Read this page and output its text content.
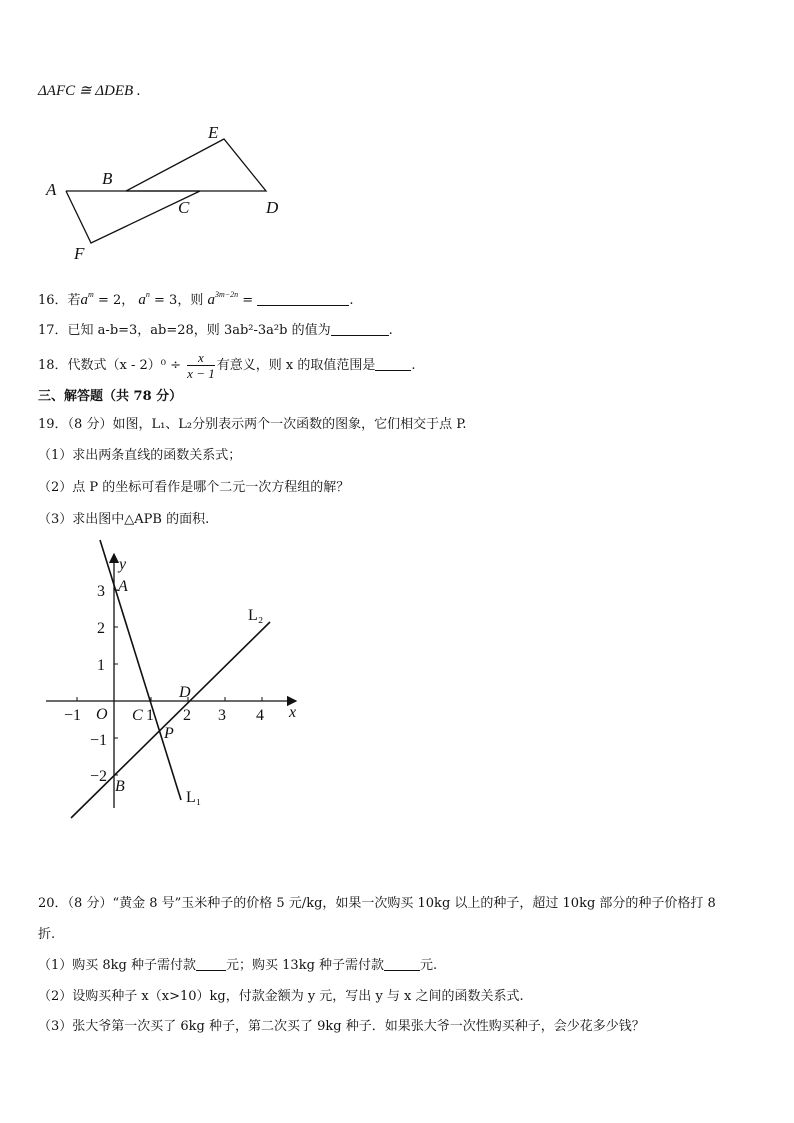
ΔAFC ≅ ΔDEB .
A
B
C	D
E
F
16．若$a^m = 2$， $a^n = 3$，则 $a^{3m-2n}$ =	.
17．已知 a-b=3，ab=28，则 3ab²-3a²b 的值为	.
18．代数式$(x - 2)^0 \div \frac{x}{x - 1}$ 有意义，则 x 的取值范围是	.
三、解答题（共 78 分）
19．（8 分）如图，L₁、L₂分别表示两个一次函数的图象，它们相交于点 P.
（1）求出两条直线的函数关系式；
（2）点 P 的坐标可看作是哪个二元一次方程组的解？
（3）求出图中△APB 的面积.
−1	2 3 4
3
2
1
−1
−2
O	x
y
A
B
C
D
P
1
L₁
L₂
20．（8 分）“黄金 8 号”玉米种子的价格 5 元/kg，如果一次购买 10kg 以上的种子，超过 10kg 部分的种子价格打 8
折.
（1）购买 8kg 种子需付款 元；购买 13kg 种子需付款	元.
（2）设购买种子 x（x>10）kg，付款金额为 y 元，写出 y 与 x 之间的函数关系式.
（3）张大爷第一次买了 6kg 种子，第二次买了 9kg 种子．如果张大爷一次性购买种子，会少花多少钱？
